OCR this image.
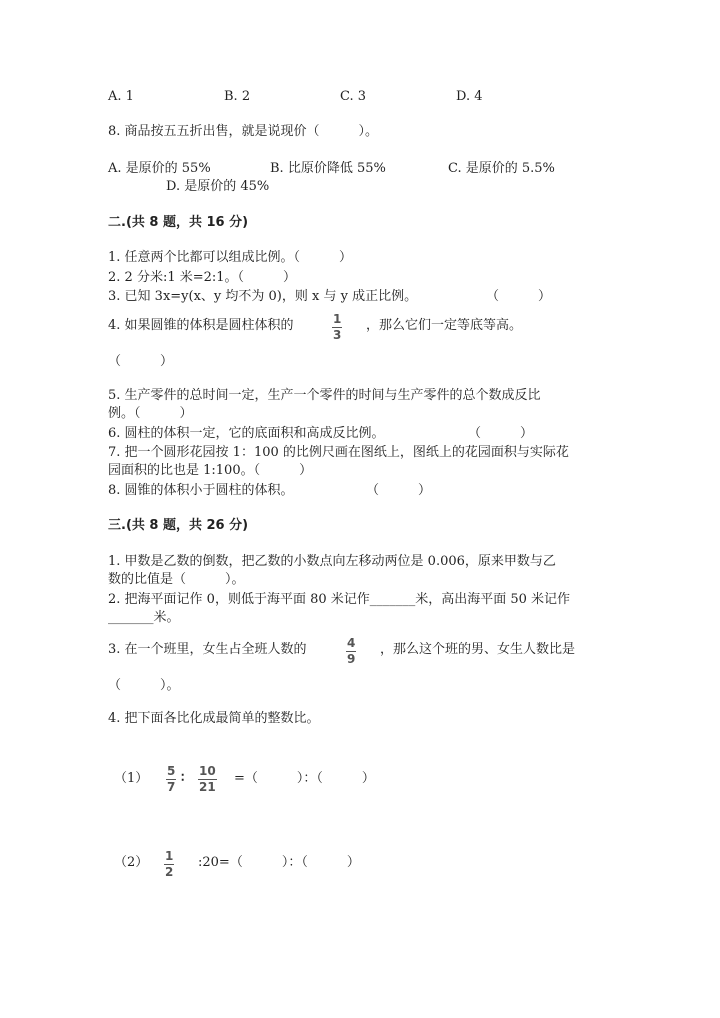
A. 1	B. 2	C. 3	D. 4
8. 商品按五五折出售，就是说现价（　　　）。
A. 是原价的 55%	B. 比原价降低 55%	C. 是原价的 5.5%
D. 是原价的 45%
二.(共 8 题，共 16 分)
1. 任意两个比都可以组成比例。（　　　）
2. 2 分米:1 米=2:1。（　　　）
3. 已知 3x=y(x、y 均不为 0)，则 x 与 y 成正比例。	（　　　）
4. 如果圆锥的体积是圆柱体积的	1
3
，那么它们一定等底等高。
（　　　）
5. 生产零件的总时间一定，生产一个零件的时间与生产零件的总个数成反比
例。（　　　）
6. 圆柱的体积一定，它的底面积和高成反比例。	（　　　）
7. 把一个圆形花园按 1：100 的比例尺画在图纸上，图纸上的花园面积与实际花
园面积的比也是 1:100。（　　　）
8. 圆锥的体积小于圆柱的体积。	（　　　）
三.(共 8 题，共 26 分)
1. 甲数是乙数的倒数，把乙数的小数点向左移动两位是 0.006，原来甲数与乙
数的比值是（　　　）。
2. 把海平面记作 0，则低于海平面 80 米记作_______米，高出海平面 50 米记作
_______米。
3. 在一个班里，女生占全班人数的	4
9
，那么这个班的男、女生人数比是
（　　　）。
4. 把下面各比化成最简单的整数比。
（1） 5
7
∶ 10
21
=（　　　）：（　　　）
（2） 1
2
:20=（　　　）：（　　　）
